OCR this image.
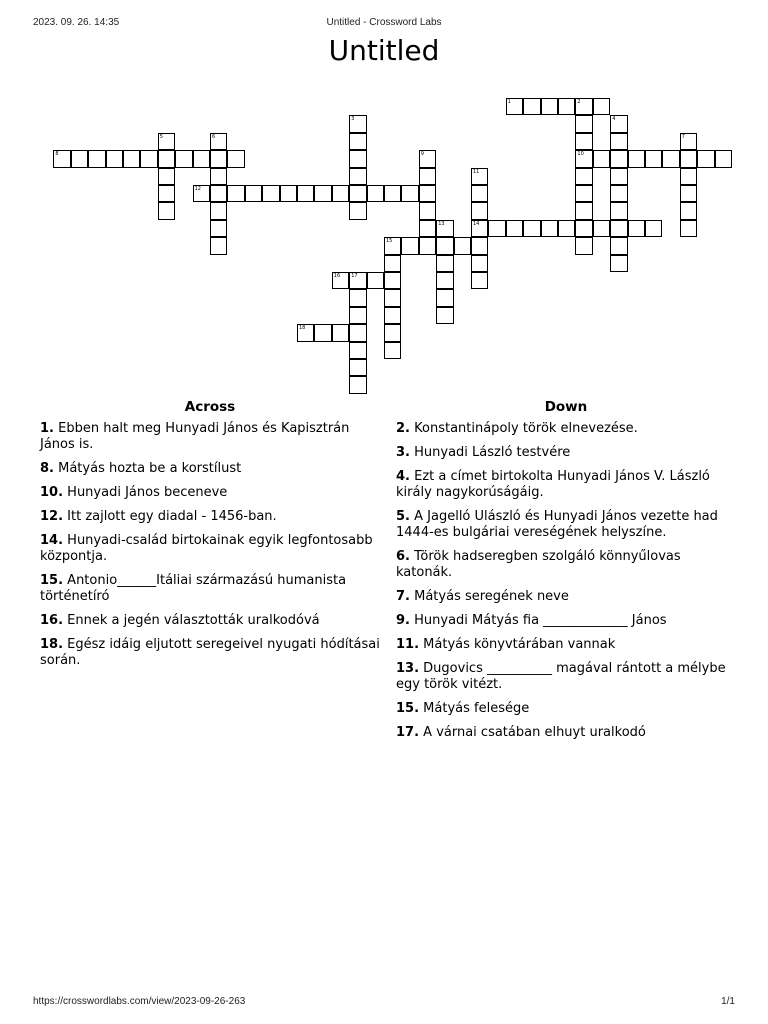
2023. 09. 26. 14:35	Untitled - Crossword Labs
Untitled
1	2
10
3	4
5	6	7
8	9
11
14
12
13
15
16 17
18
Across
1. Ebben halt meg Hunyadi János és Kapisztrán János is.
8. Mátyás hozta be a korstílust
10. Hunyadi János beceneve
12. Itt zajlott egy diadal - 1456-ban.
14. Hunyadi-család birtokainak egyik legfontosabb központja.
15. Antonio______Itáliai származású humanista történetíró
16. Ennek a jegén választották uralkodóvá
18. Egész idáig eljutott seregeivel nyugati hódításai során.
Down
2. Konstantinápoly török elnevezése.
3. Hunyadi László testvére
4. Ezt a címet birtokolta Hunyadi János V. László király nagykorúságáig.
5. A Jagelló Ulászló és Hunyadi János vezette had 1444-es bulgáriai vereségének helyszíne.
6. Török hadseregben szolgáló könnyűlovas katonák.
7. Mátyás seregének neve
9. Hunyadi Mátyás fia _____________ János
11. Mátyás könyvtárában vannak
13. Dugovics __________ magával rántott a mélybe egy török vitézt.
15. Mátyás felesége
17. A várnai csatában elhuyt uralkodó
https://crosswordlabs.com/view/2023-09-26-263	1/1
